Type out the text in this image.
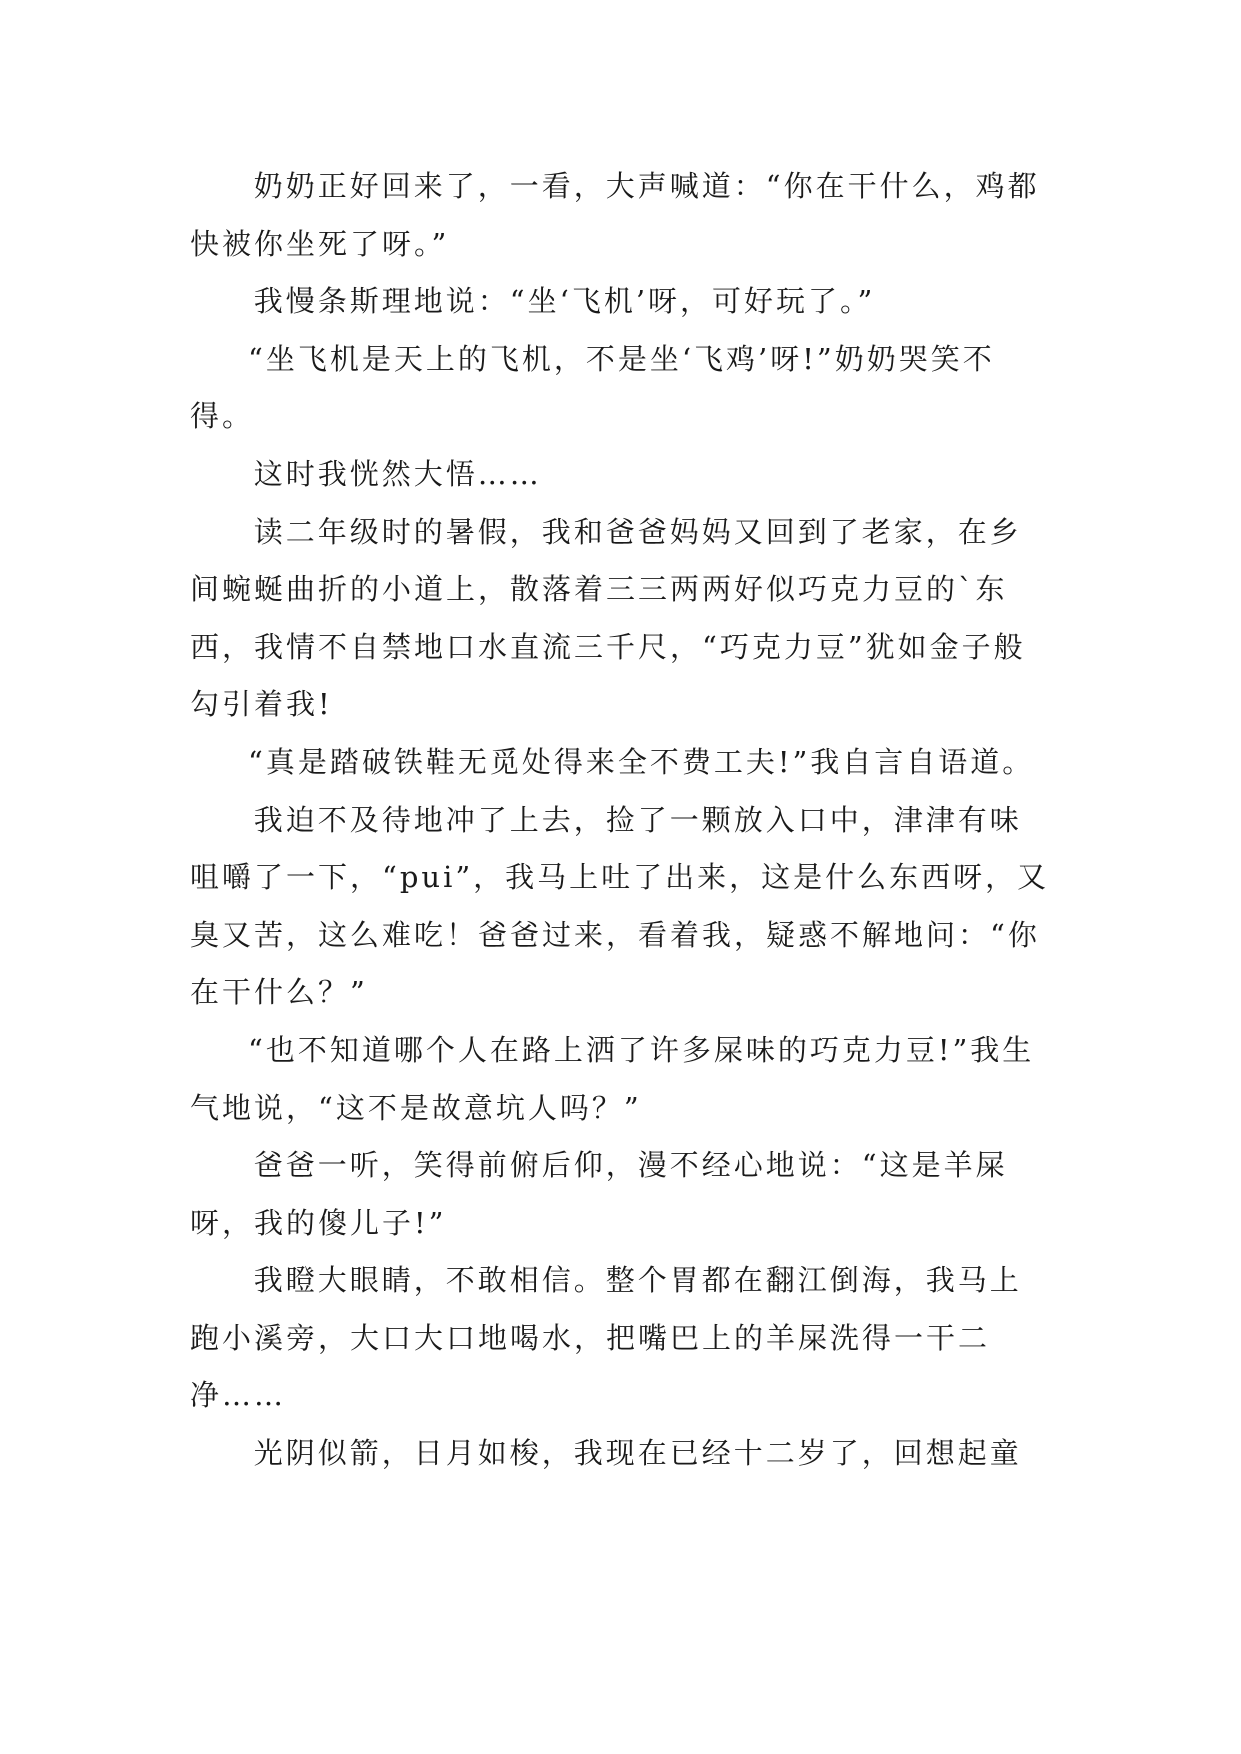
奶奶正好回来了，一看，大声喊道：“你在干什么，鸡都快被你坐死了呀。”

我慢条斯理地说：“坐‘飞机’呀，可好玩了。”

“坐飞机是天上的飞机，不是坐‘飞鸡’呀!”奶奶哭笑不得。

这时我恍然大悟……

读二年级时的暑假，我和爸爸妈妈又回到了老家，在乡间蜿蜒曲折的小道上，散落着三三两两好似巧克力豆的`东西，我情不自禁地口水直流三千尺，“巧克力豆”犹如金子般勾引着我!

“真是踏破铁鞋无觅处得来全不费工夫!”我自言自语道。

我迫不及待地冲了上去，捡了一颗放入口中，津津有味咀嚼了一下，“pui”，我马上吐了出来，这是什么东西呀，又臭又苦，这么难吃！爸爸过来，看着我，疑惑不解地问：“你在干什么？”

“也不知道哪个人在路上洒了许多屎味的巧克力豆!”我生气地说，“这不是故意坑人吗？”

爸爸一听，笑得前俯后仰，漫不经心地说：“这是羊屎呀，我的傻儿子!”

我瞪大眼睛，不敢相信。整个胃都在翻江倒海，我马上跑小溪旁，大口大口地喝水，把嘴巴上的羊屎洗得一干二净……

光阴似箭，日月如梭，我现在已经十二岁了，回想起童
